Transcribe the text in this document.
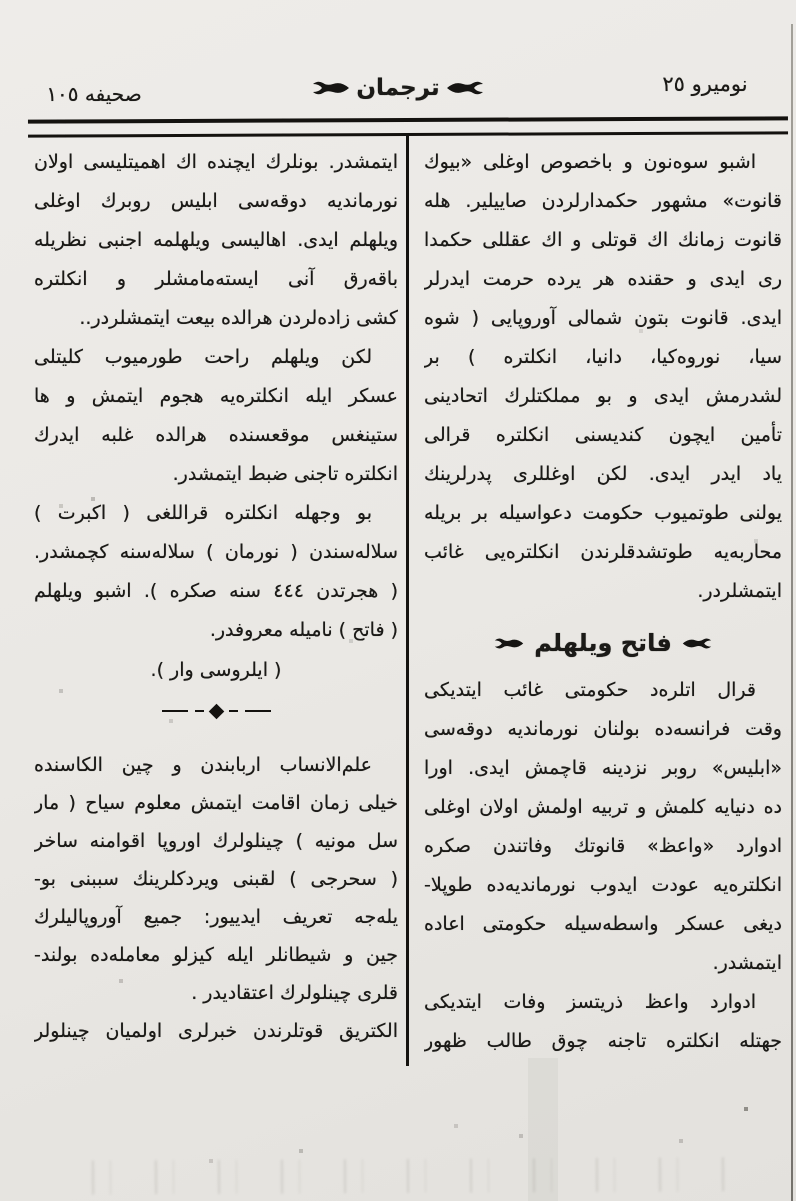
نوميرو ٢٥
ترجمان
صحيفه ١٠٥
اشبو سوەنون و باخصوص اوغلى «بيوك
قانوت» مشهور حكمدارلردن صاييلير. هله
قانوت زمانك اك قوتلى و اك عقللى حكمدا
رى ايدى و حقنده هر يرده حرمت ايدرلر
ايدى. قانوت بتون شمالى آوروپايى ( شوه
سيا، نوروه‌كيا، دانيا، انكلتره ) بر
لشدرمش ايدى و بو مملكتلرك اتحادينى
تأمين ايچون كنديسنى انكلتره قرالى
ياد ايدر ايدى. لكن اوغللرى پدرلرينك
يولنى طوتميوب حكومت دعواسيله بر بريله
محاربه‌يه طوتشدقلرندن انكلتره‌يى غائب
ايتمشلردر.
فاتح ويلهلم
قرال اتلرەد حكومتى غائب ايتديكى
وقت فرانسه‌ده بولنان نورمانديه دوقه‌سى
«ابليس» روبر نزدينه قاچمش ايدى. اورا
ده دنيايه كلمش و تربيه اولمش اولان اوغلى
ادوارد «واعظ» قانوتك وفاتندن صكره
انكلتره‌يه عودت ايدوب نورمانديه‌ده طوپلا-
ديغى عسكر واسطه‌سيله حكومتى اعاده
ايتمشدر.
ادوارد واعظ ذريتسز وفات ايتديكى
جهتله انكلتره تاجنه چوق طالب ظهور
ايتمشدر. بونلرك ايچنده اك اهميتليسى اولان
نورمانديه دوقه‌سى ابليس روبرك اوغلى
ويلهلم ايدى. اهاليسى ويلهلمه اجنبى نظريله
باقه‌رق آنى ايسته‌مامشلر و انكلتره
كشى زاده‌لردن هرالده بيعت ايتمشلردر..
لكن ويلهلم راحت طورميوب كليتلى
عسكر ايله انكلتره‌يه هجوم ايتمش و ها
ستينغس موقعسنده هرالده غلبه ايدرك
انكلتره تاجنى ضبط ايتمشدر.
بو وجهله انكلتره قراللغى ( اكبرت )
سلاله‌سندن ( نورمان ) سلاله‌سنه كچمشدر.
( هجرتدن ٤٤٤ سنه صكره ). اشبو ويلهلم
( فاتح ) ناميله معروفدر.
( ايلروسى وار ).
علم‌الانساب اربابندن و چين الكاسنده
خيلى زمان اقامت ايتمش معلوم سياح ( مار
سل مونيه ) چينلولرك اوروپا اقوامنه ساخر
( سحرجى ) لقبنى ويردكلرينك سببنى بو-
يله‌جه تعريف ايدييور: جميع آوروپاليلرك
جين و شيطانلر ايله كيزلو معامله‌ده بولند-
قلرى چينلولرك اعتقاديدر .
الكتريق قوتلرندن خبرلرى اولميان چينلولر
